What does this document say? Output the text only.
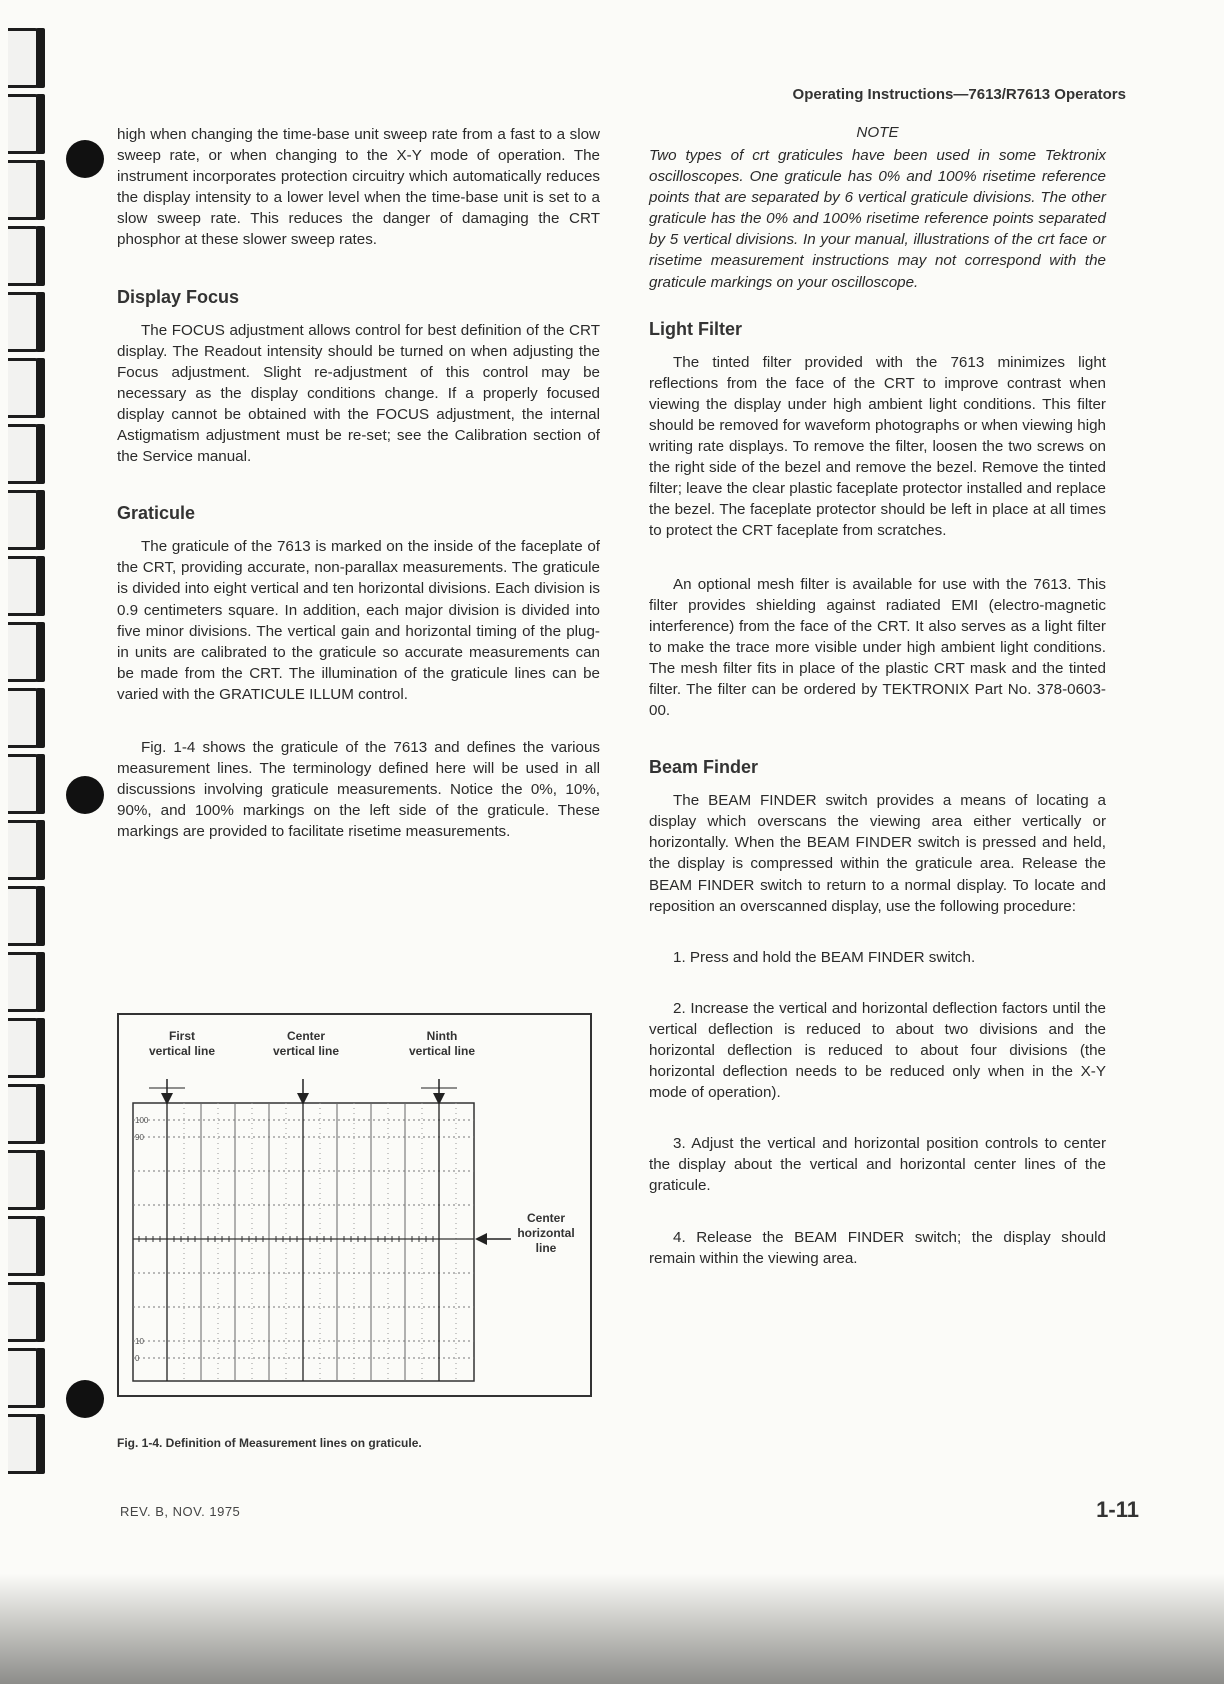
Operating Instructions—7613/R7613 Operators

high when changing the time-base unit sweep rate from a fast to a slow sweep rate, or when changing to the X-Y mode of operation. The instrument incorporates protection circuitry which automatically reduces the display intensity to a lower level when the time-base unit is set to a slow sweep rate. This reduces the danger of damaging the CRT phosphor at these slower sweep rates.

Display Focus

The FOCUS adjustment allows control for best definition of the CRT display. The Readout intensity should be turned on when adjusting the Focus adjustment. Slight re-adjustment of this control may be necessary as the display conditions change. If a properly focused display cannot be obtained with the FOCUS adjustment, the internal Astigmatism adjustment must be re-set; see the Calibration section of the Service manual.

Graticule

The graticule of the 7613 is marked on the inside of the faceplate of the CRT, providing accurate, non-parallax measurements. The graticule is divided into eight vertical and ten horizontal divisions. Each division is 0.9 centimeters square. In addition, each major division is divided into five minor divisions. The vertical gain and horizontal timing of the plug-in units are calibrated to the graticule so accurate measurements can be made from the CRT. The illumination of the graticule lines can be varied with the GRATICULE ILLUM control.

Fig. 1-4 shows the graticule of the 7613 and defines the various measurement lines. The terminology defined here will be used in all discussions involving graticule measurements. Notice the 0%, 10%, 90%, and 100% markings on the left side of the graticule. These markings are provided to facilitate risetime measurements.

First vertical line
Center vertical line
Ninth vertical line
Center horizontal line
100
90
10
0
Fig. 1-4. Definition of Measurement lines on graticule.
NOTE

Two types of crt graticules have been used in some Tektronix oscilloscopes. One graticule has 0% and 100% risetime reference points that are separated by 6 vertical graticule divisions. The other graticule has the 0% and 100% risetime reference points separated by 5 vertical divisions. In your manual, illustrations of the crt face or risetime measurement instructions may not correspond with the graticule markings on your oscilloscope.

Light Filter

The tinted filter provided with the 7613 minimizes light reflections from the face of the CRT to improve contrast when viewing the display under high ambient light conditions. This filter should be removed for waveform photographs or when viewing high writing rate displays. To remove the filter, loosen the two screws on the right side of the bezel and remove the bezel. Remove the tinted filter; leave the clear plastic faceplate protector installed and replace the bezel. The faceplate protector should be left in place at all times to protect the CRT faceplate from scratches.

An optional mesh filter is available for use with the 7613. This filter provides shielding against radiated EMI (electro-magnetic interference) from the face of the CRT. It also serves as a light filter to make the trace more visible under high ambient light conditions. The mesh filter fits in place of the plastic CRT mask and the tinted filter. The filter can be ordered by TEKTRONIX Part No. 378-0603-00.

Beam Finder

The BEAM FINDER switch provides a means of locating a display which overscans the viewing area either vertically or horizontally. When the BEAM FINDER switch is pressed and held, the display is compressed within the graticule area. Release the BEAM FINDER switch to return to a normal display. To locate and reposition an overscanned display, use the following procedure:

1. Press and hold the BEAM FINDER switch.

2. Increase the vertical and horizontal deflection factors until the vertical deflection is reduced to about two divisions and the horizontal deflection is reduced to about four divisions (the horizontal deflection needs to be reduced only when in the X-Y mode of operation).

3. Adjust the vertical and horizontal position controls to center the display about the vertical and horizontal center lines of the graticule.

4. Release the BEAM FINDER switch; the display should remain within the viewing area.

REV. B, NOV. 1975	1-11
